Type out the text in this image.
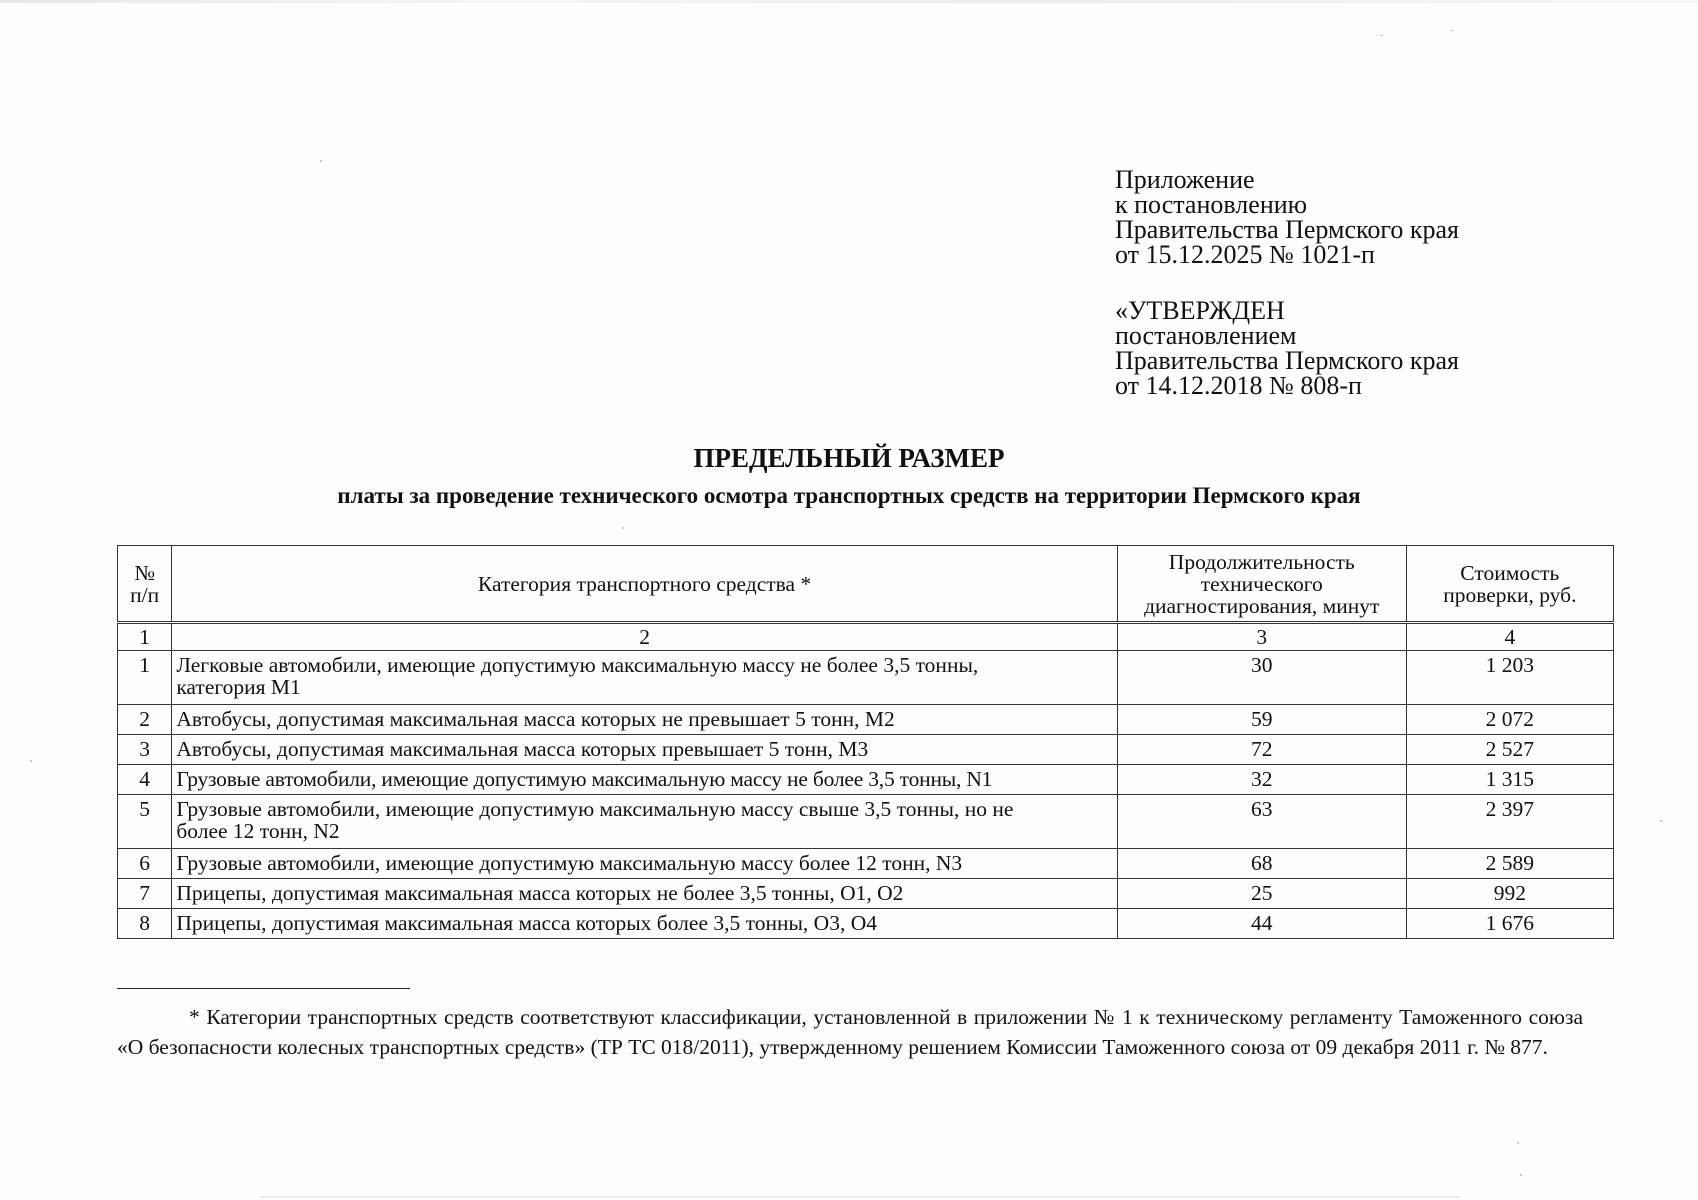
Приложение
к постановлению
Правительства Пермского края
от 15.12.2025 № 1021-п
«УТВЕРЖДЕН
постановлением
Правительства Пермского края
от 14.12.2018 № 808-п
ПРЕДЕЛЬНЫЙ РАЗМЕР
платы за проведение технического осмотра транспортных средств на территории Пермского края
№
п/п	Категория транспортного средства *	Продолжительность технического диагностирования, минут	Стоимость проверки, руб.
1	2	3	4
1	Легковые автомобили, имеющие допустимую максимальную массу не более 3,5 тонны, категория M1	30	1 203
2	Автобусы, допустимая максимальная масса которых не превышает 5 тонн, M2	59	2 072
3	Автобусы, допустимая максимальная масса которых превышает 5 тонн, M3	72	2 527
4	Грузовые автомобили, имеющие допустимую максимальную массу не более 3,5 тонны, N1	32	1 315
5	Грузовые автомобили, имеющие допустимую максимальную массу свыше 3,5 тонны, но не более 12 тонн, N2	63	2 397
6	Грузовые автомобили, имеющие допустимую максимальную массу более 12 тонн, N3	68	2 589
7	Прицепы, допустимая максимальная масса которых не более 3,5 тонны, O1, O2	25	992
8	Прицепы, допустимая максимальная масса которых более 3,5 тонны, O3, O4	44	1 676
* Категории транспортных средств соответствуют классификации, установленной в приложении № 1 к техническому регламенту Таможенного союза «О безопасности колесных транспортных средств» (ТР ТС 018/2011), утвержденному решением Комиссии Таможенного союза от 09 декабря 2011 г. № 877.
